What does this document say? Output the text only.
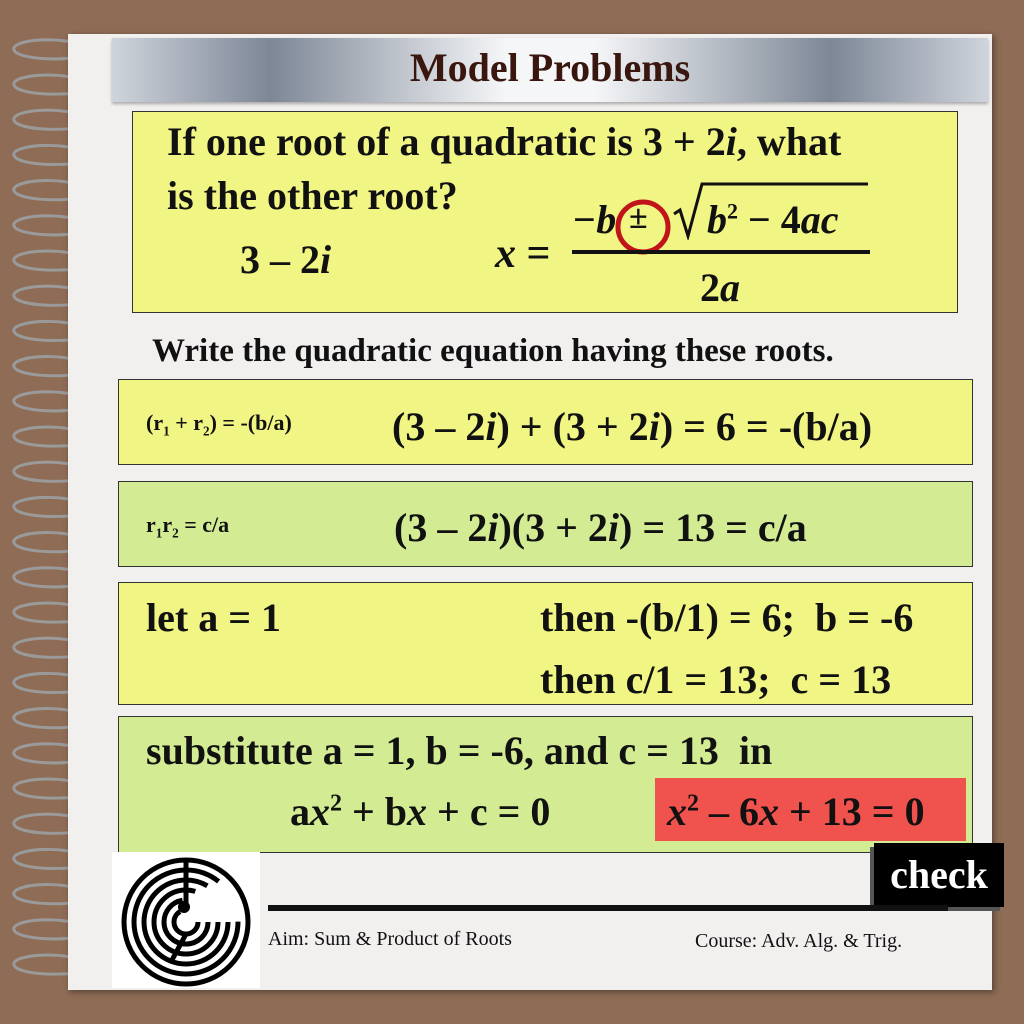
Model Problems
If one root of a quadratic is 3 + 2i, what
is the other root?
3 – 2i	x =
$-b \pm b^2 - 4ac$
2a
Write the quadratic equation having these roots.
$(r_1 + r_2) = -(b/a)$	(3 – 2i) + (3 + 2i) = 6 = -(b/a)
$r_1r_2 = c/a$	(3 – 2i)(3 + 2i) = 13 = c/a
let a = 1	then -(b/1) = 6;  b = -6
then c/1 = 13;  c = 13
substitute a = 1, b = -6, and c = 13  in
$ax^2$ + bx + c = 0	$x^2 - 6x + 13 = 0$
check
Aim: Sum & Product of Roots	Course: Adv. Alg. & Trig.
